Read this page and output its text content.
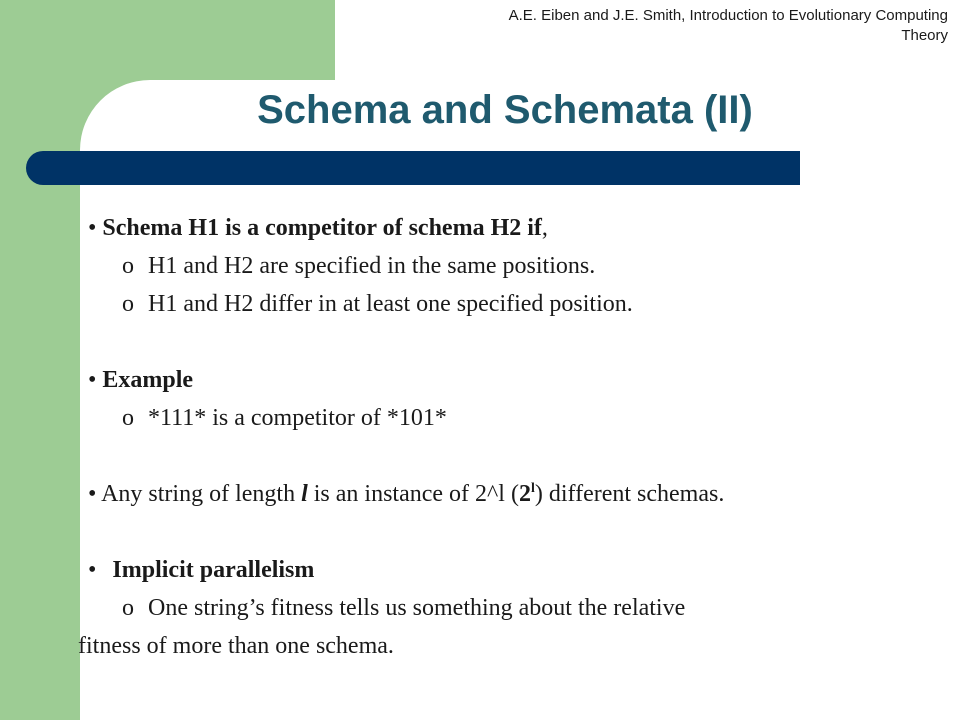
A.E. Eiben and J.E. Smith, Introduction to Evolutionary Computing
Theory
Schema and Schemata (II)
• Schema H1 is a competitor of schema H2 if,
o H1 and H2 are specified in the same positions.
o H1 and H2 differ in at least one specified position.
• Example
o *111* is a competitor of *101*
• Any string of length l is an instance of 2^l (2$^l$) different schemas.
• Implicit parallelism
o One string’s fitness tells us something about the relative
fitness of more than one schema.
